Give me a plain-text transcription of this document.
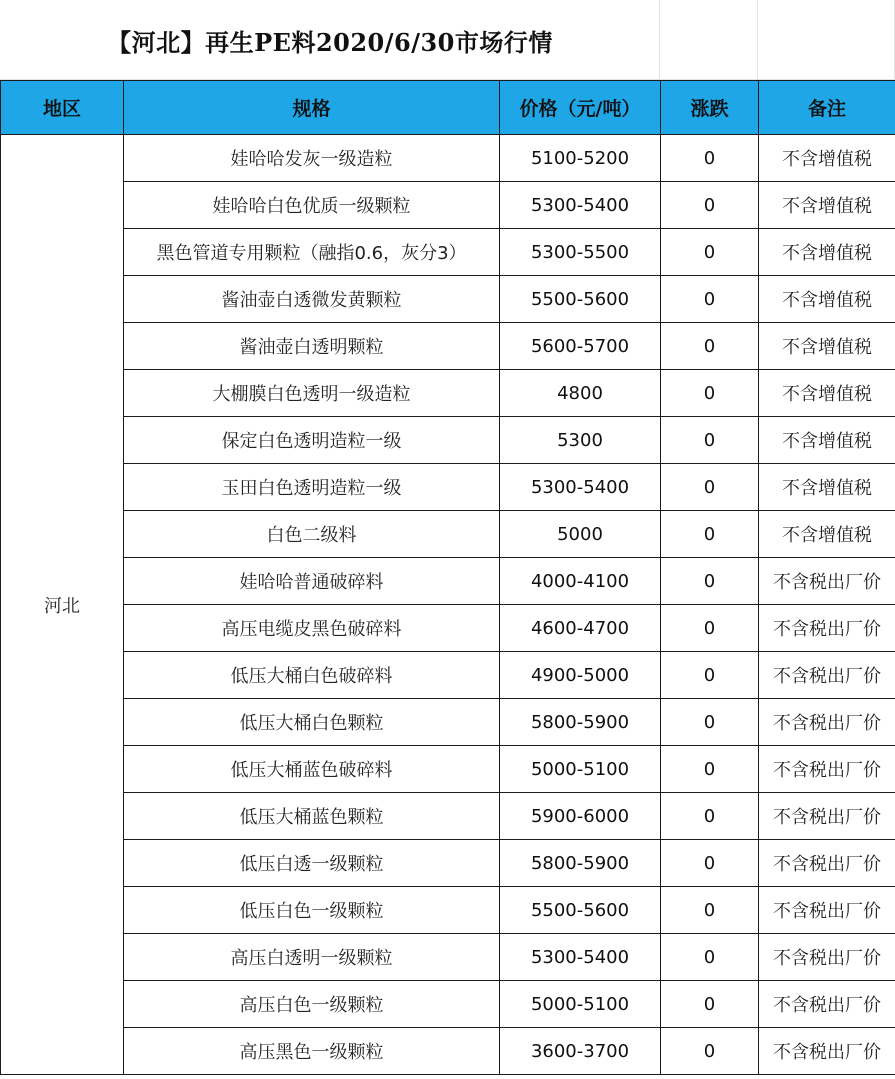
【河北】再生PE料2020/6/30市场行情
地区	规格	价格（元/吨）	涨跌	备注
河北	娃哈哈发灰一级造粒	5100-5200	0	不含增值税
	娃哈哈白色优质一级颗粒	5300-5400	0	不含增值税
	黑色管道专用颗粒（融指0.6，灰分3）	5300-5500	0	不含增值税
	酱油壶白透微发黄颗粒	5500-5600	0	不含增值税
	酱油壶白透明颗粒	5600-5700	0	不含增值税
	大棚膜白色透明一级造粒	4800	0	不含增值税
	保定白色透明造粒一级	5300	0	不含增值税
	玉田白色透明造粒一级	5300-5400	0	不含增值税
	白色二级料	5000	0	不含增值税
	娃哈哈普通破碎料	4000-4100	0	不含税出厂价
	高压电缆皮黑色破碎料	4600-4700	0	不含税出厂价
	低压大桶白色破碎料	4900-5000	0	不含税出厂价
	低压大桶白色颗粒	5800-5900	0	不含税出厂价
	低压大桶蓝色破碎料	5000-5100	0	不含税出厂价
	低压大桶蓝色颗粒	5900-6000	0	不含税出厂价
	低压白透一级颗粒	5800-5900	0	不含税出厂价
	低压白色一级颗粒	5500-5600	0	不含税出厂价
	高压白透明一级颗粒	5300-5400	0	不含税出厂价
	高压白色一级颗粒	5000-5100	0	不含税出厂价
	高压黑色一级颗粒	3600-3700	0	不含税出厂价
